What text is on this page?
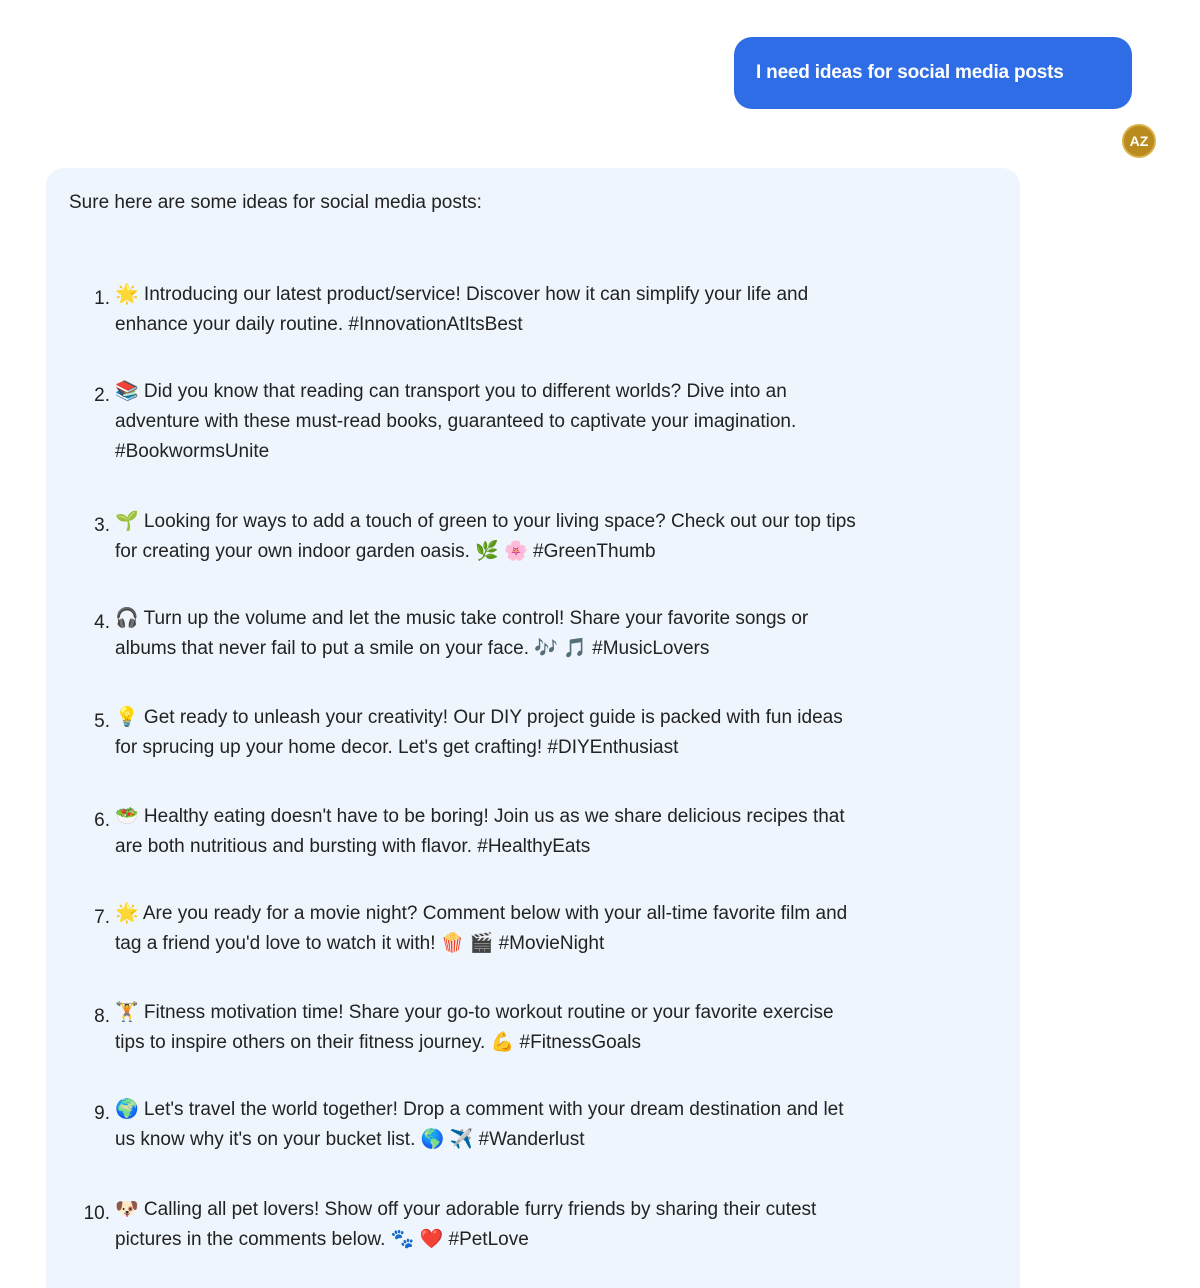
I need ideas for social media posts
AZ
Sure here are some ideas for social media posts:
1. 🌟 Introducing our latest product/service! Discover how it can simplify your life and
enhance your daily routine. #InnovationAtItsBest
2. 📚 Did you know that reading can transport you to different worlds? Dive into an
adventure with these must-read books, guaranteed to captivate your imagination.
#BookwormsUnite
3. 🌱 Looking for ways to add a touch of green to your living space? Check out our top tips
for creating your own indoor garden oasis. 🌿 🌸 #GreenThumb
4. 🎧 Turn up the volume and let the music take control! Share your favorite songs or
albums that never fail to put a smile on your face. 🎶 🎵 #MusicLovers
5. 💡 Get ready to unleash your creativity! Our DIY project guide is packed with fun ideas
for sprucing up your home decor. Let's get crafting! #DIYEnthusiast
6. 🥗 Healthy eating doesn't have to be boring! Join us as we share delicious recipes that
are both nutritious and bursting with flavor. #HealthyEats
7. 🌟 Are you ready for a movie night? Comment below with your all-time favorite film and
tag a friend you'd love to watch it with! 🍿 🎬 #MovieNight
8. 🏋 Fitness motivation time! Share your go-to workout routine or your favorite exercise
tips to inspire others on their fitness journey. 💪 #FitnessGoals
9. 🌍 Let's travel the world together! Drop a comment with your dream destination and let
us know why it's on your bucket list. 🌎 ✈️ #Wanderlust
10. 🐶 Calling all pet lovers! Show off your adorable furry friends by sharing their cutest
pictures in the comments below. 🐾 ❤️ #PetLove
